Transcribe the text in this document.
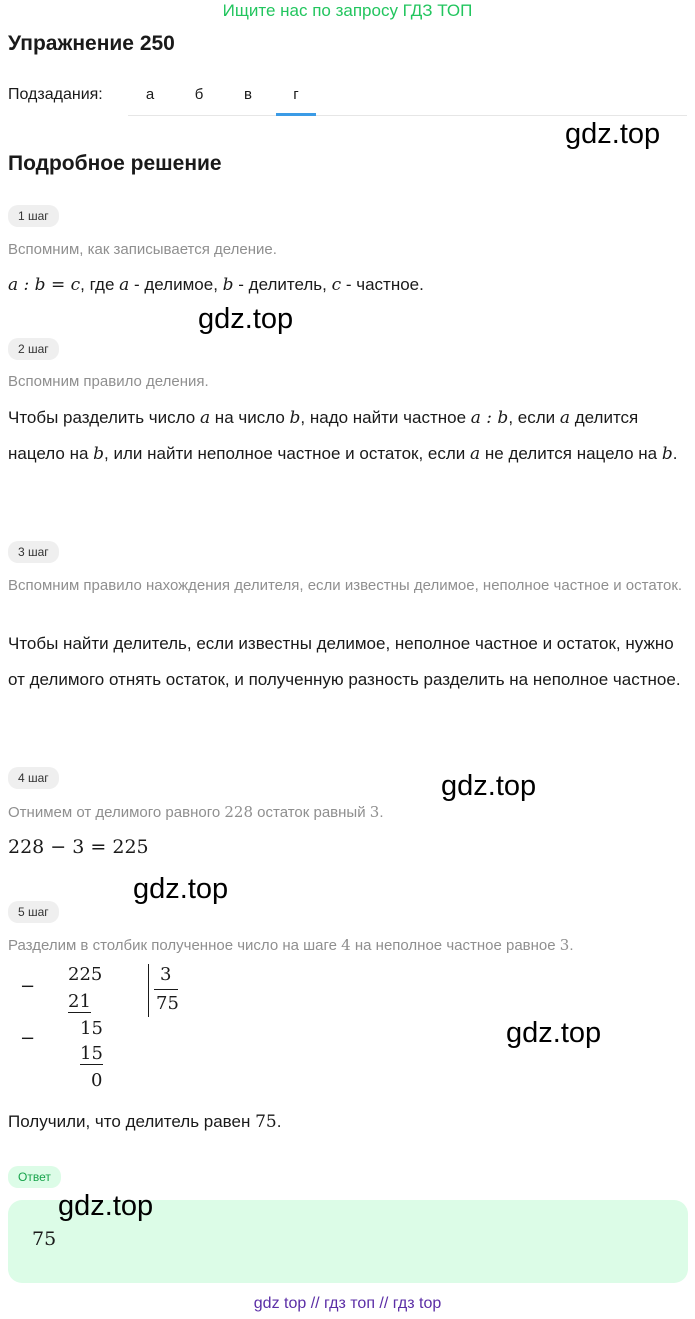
Ищите нас по запросу ГДЗ ТОП
Упражнение 250
Подзадания:	а	б	в	г
gdz.top
Подробное решение
1 шаг
Вспомним, как записывается деление.
a : b = c, где a - делимое, b - делитель, c - частное.
gdz.top
2 шаг
Вспомним правило деления.
Чтобы разделить число a на число b, надо найти частное a : b, если a делится нацело на b, или найти неполное частное и остаток, если a не делится нацело на b.
3 шаг
Вспомним правило нахождения делителя, если известны делимое, неполное частное и остаток.
Чтобы найти делитель, если известны делимое, неполное частное и остаток, нужно от делимого отнять остаток, и полученную разность разделить на неполное частное.
4 шаг
Отнимем от делимого равного 228 остаток равный 3.
gdz.top
228 − 3 = 225
gdz.top
5 шаг
Разделим в столбик полученное число на шаге 4 на неполное частное равное 3.
−
225
21
15
−
15
0
3
75
gdz.top
Получили, что делитель равен 75.
Ответ
gdz.top
75
gdz top // гдз топ // гдз top
